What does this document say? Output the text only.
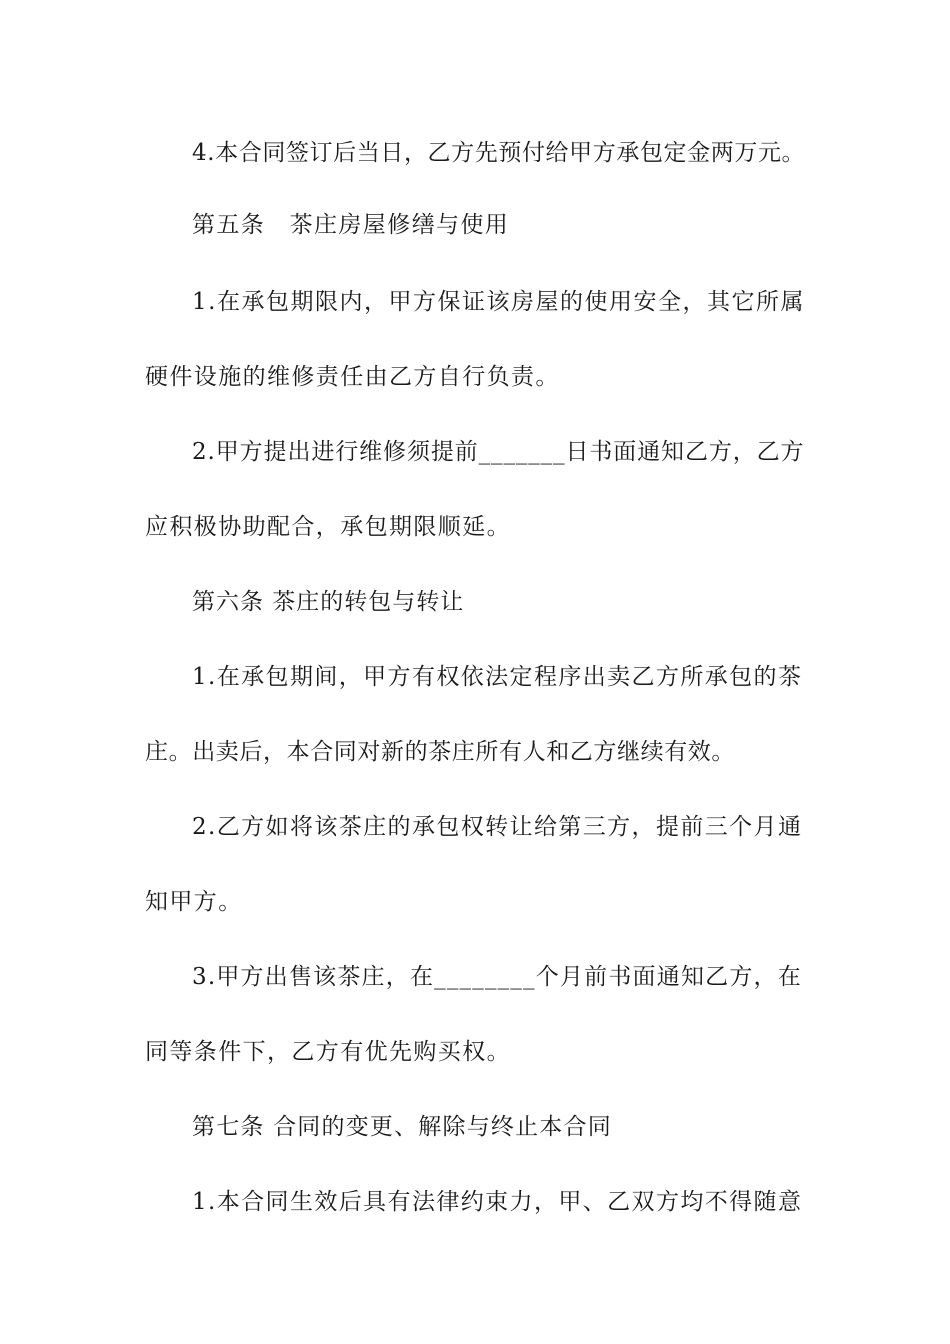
4.本合同签订后当日，乙方先预付给甲方承包定金两万元。

第五条　茶庄房屋修缮与使用

1.在承包期限内，甲方保证该房屋的使用安全，其它所属

硬件设施的维修责任由乙方自行负责。

2.甲方提出进行维修须提前_______日书面通知乙方，乙方

应积极协助配合，承包期限顺延。

第六条 茶庄的转包与转让

1.在承包期间，甲方有权依法定程序出卖乙方所承包的茶

庄。出卖后，本合同对新的茶庄所有人和乙方继续有效。

2.乙方如将该茶庄的承包权转让给第三方，提前三个月通

知甲方。

3.甲方出售该茶庄，在________个月前书面通知乙方，在

同等条件下，乙方有优先购买权。

第七条 合同的变更、解除与终止本合同

1.本合同生效后具有法律约束力，甲、乙双方均不得随意
